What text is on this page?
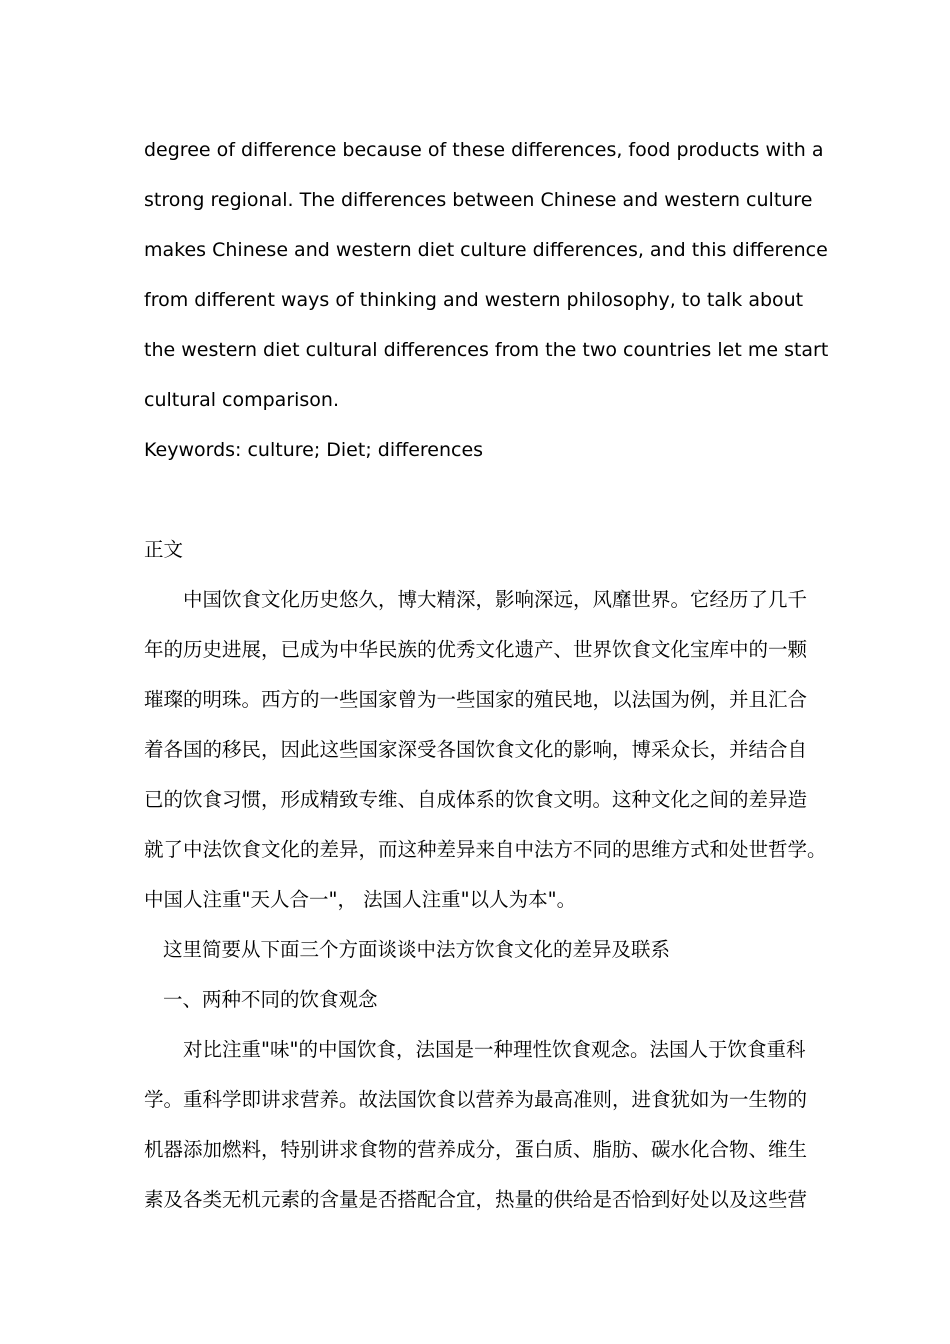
degree of difference because of these differences, food products with a
strong regional. The differences between Chinese and western culture
makes Chinese and western diet culture differences, and this difference
from different ways of thinking and western philosophy, to talk about
the western diet cultural differences from the two countries let me start
cultural comparison.
Keywords: culture; Diet; differences
正文
中国饮食文化历史悠久，博大精深，影响深远，风靡世界。它经历了几千
年的历史进展，已成为中华民族的优秀文化遗产、世界饮食文化宝库中的一颗
璀璨的明珠。西方的一些国家曾为一些国家的殖民地，以法国为例，并且汇合
着各国的移民，因此这些国家深受各国饮食文化的影响，博采众长，并结合自
已的饮食习惯，形成精致专维、自成体系的饮食文明。这种文化之间的差异造
就了中法饮食文化的差异，而这种差异来自中法方不同的思维方式和处世哲学。
中国人注重"天人合一"， 法国人注重"以人为本"。
这里简要从下面三个方面谈谈中法方饮食文化的差异及联系
一、两种不同的饮食观念
对比注重"味"的中国饮食，法国是一种理性饮食观念。法国人于饮食重科
学。重科学即讲求营养。故法国饮食以营养为最高准则，进食犹如为一生物的
机器添加燃料，特别讲求食物的营养成分，蛋白质、脂肪、碳水化合物、维生
素及各类无机元素的含量是否搭配合宜，热量的供给是否恰到好处以及这些营
